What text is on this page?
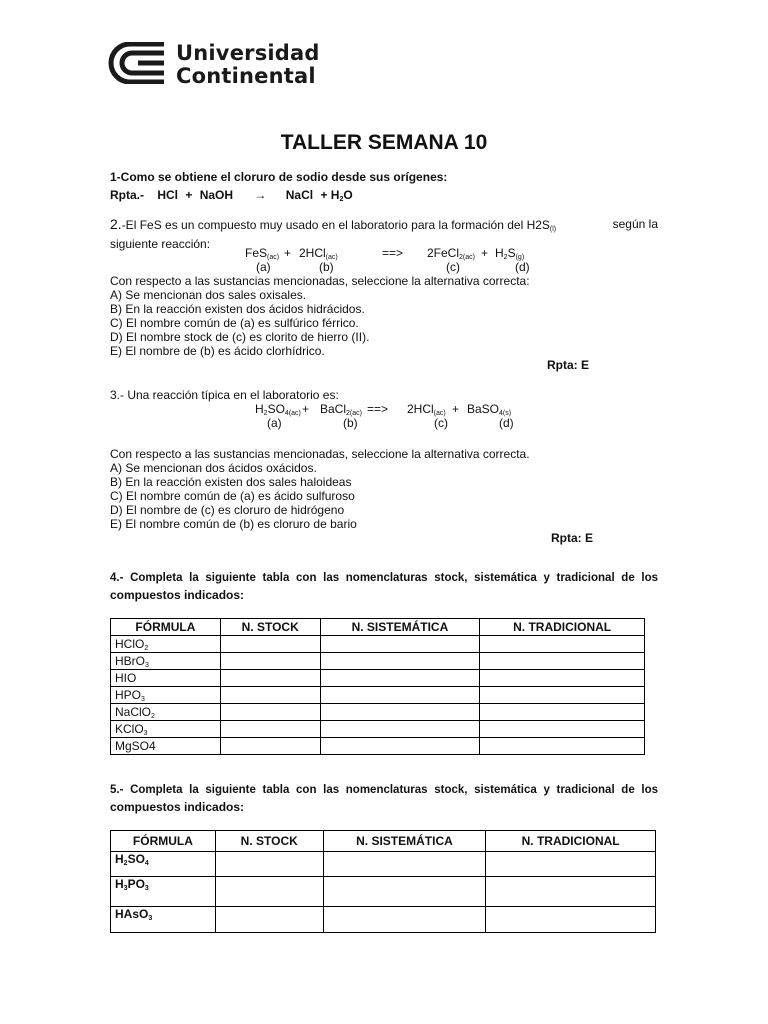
Universidad
Continental
TALLER SEMANA 10
1-Como se obtiene el cloruro de sodio desde sus orígenes:
Rpta.- HCl + NaOH → NaCl + $H_2O$
2.-El FeS es un compuesto muy usado en el laboratorio para la formación del $H2S_{(l)}$	según la
siguiente reacción:
FeS$_{(ac)}$ + 2HCl$_{(ac)}$	==> 2FeCl$_{2(ac)}$ + $H_2S_{(g)}$
(a)	(b)	(c)	(d)
Con respecto a las sustancias mencionadas, seleccione la alternativa correcta:
A) Se mencionan dos sales oxisales.
B) En la reacción existen dos ácidos hidrácidos.
C) El nombre común de (a) es sulfúrico férrico.
D) El nombre stock de (c) es clorito de hierro (II).
E) El nombre de (b) es ácido clorhídrico.
Rpta: E
3.- Una reacción típica en el laboratorio es:
$H_2SO_{4(ac)}$ + BaCl$_{2(ac)}$ ==> 2HCl$_{(ac)}$ + BaSO$_{4(s)}$
(a)	(b)	(c)	(d)
Con respecto a las sustancias mencionadas, seleccione la alternativa correcta.
A) Se mencionan dos ácidos oxácidos.
B) En la reacción existen dos sales haloideas
C) El nombre común de (a) es ácido sulfuroso
D) El nombre de (c) es cloruro de hidrógeno
E) El nombre común de (b) es cloruro de bario
Rpta: E
4.- Completa la siguiente tabla con las nomenclaturas stock, sistemática y tradicional de los
compuestos indicados:
FÓRMULA	N. STOCK	N. SISTEMÁTICA	N. TRADICIONAL
HClO$_2$			
HBrO$_3$			
HIO			
$HPO_3$			
NaClO$_2$			
KClO$_3$			
MgSO4			
5.- Completa la siguiente tabla con las nomenclaturas stock, sistemática y tradicional de los
compuestos indicados:
FÓRMULA	N. STOCK	N. SISTEMÁTICA	N. TRADICIONAL
$H_2SO_4$			
$H_3PO_3$			
HAsO$_3$			
